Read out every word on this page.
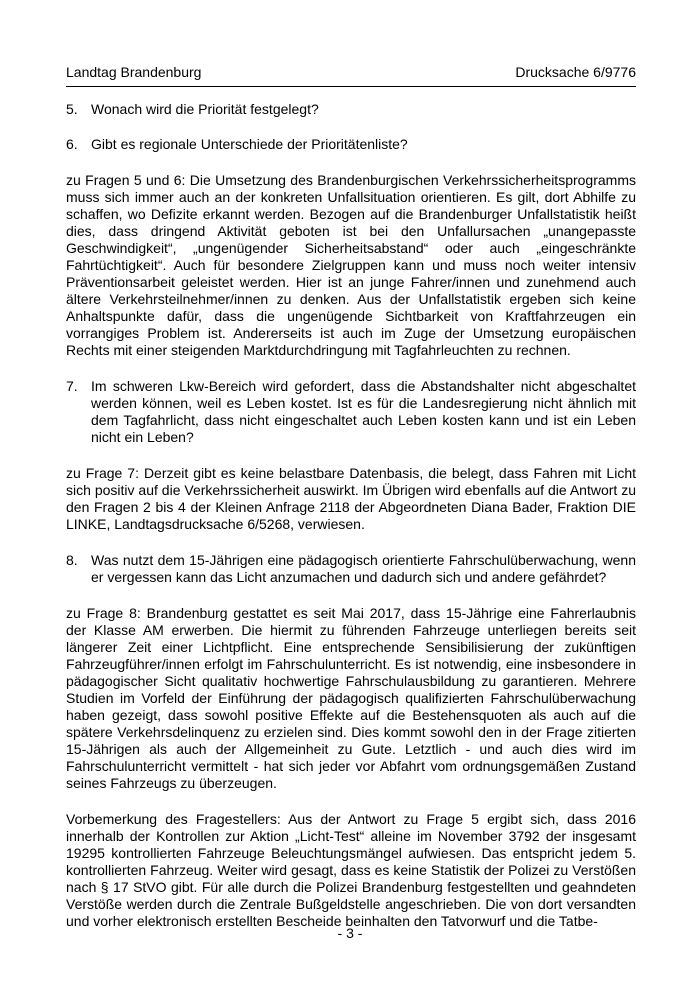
Landtag Brandenburg	Drucksache 6/9776

5. Wonach wird die Priorität festgelegt?

6. Gibt es regionale Unterschiede der Prioritätenliste?

zu Fragen 5 und 6: Die Umsetzung des Brandenburgischen Verkehrssicherheitsprogramms muss sich immer auch an der konkreten Unfallsituation orientieren. Es gilt, dort Abhilfe zu schaffen, wo Defizite erkannt werden. Bezogen auf die Brandenburger Unfallstatistik heißt dies, dass dringend Aktivität geboten ist bei den Unfallursachen „unangepasste Geschwindigkeit“, „ungenügender Sicherheitsabstand“ oder auch „eingeschränkte Fahrtüchtigkeit“. Auch für besondere Zielgruppen kann und muss noch weiter intensiv Präventionsarbeit geleistet werden. Hier ist an junge Fahrer/innen und zunehmend auch ältere Verkehrsteilnehmer/innen zu denken. Aus der Unfallstatistik ergeben sich keine Anhaltspunkte dafür, dass die ungenügende Sichtbarkeit von Kraftfahrzeugen ein vorrangiges Problem ist. Andererseits ist auch im Zuge der Umsetzung europäischen Rechts mit einer steigenden Marktdurchdringung mit Tagfahrleuchten zu rechnen.

7. Im schweren Lkw-Bereich wird gefordert, dass die Abstandshalter nicht abgeschaltet werden können, weil es Leben kostet. Ist es für die Landesregierung nicht ähnlich mit dem Tagfahrlicht, dass nicht eingeschaltet auch Leben kosten kann und ist ein Leben nicht ein Leben?

zu Frage 7: Derzeit gibt es keine belastbare Datenbasis, die belegt, dass Fahren mit Licht sich positiv auf die Verkehrssicherheit auswirkt. Im Übrigen wird ebenfalls auf die Antwort zu den Fragen 2 bis 4 der Kleinen Anfrage 2118 der Abgeordneten Diana Bader, Fraktion DIE LINKE, Landtagsdrucksache 6/5268, verwiesen.

8. Was nutzt dem 15-Jährigen eine pädagogisch orientierte Fahrschulüberwachung, wenn er vergessen kann das Licht anzumachen und dadurch sich und andere gefährdet?

zu Frage 8: Brandenburg gestattet es seit Mai 2017, dass 15-Jährige eine Fahrerlaubnis der Klasse AM erwerben. Die hiermit zu führenden Fahrzeuge unterliegen bereits seit längerer Zeit einer Lichtpflicht. Eine entsprechende Sensibilisierung der zukünftigen Fahrzeugführer/innen erfolgt im Fahrschulunterricht. Es ist notwendig, eine insbesondere in pädagogischer Sicht qualitativ hochwertige Fahrschulausbildung zu garantieren. Mehrere Studien im Vorfeld der Einführung der pädagogisch qualifizierten Fahrschulüberwachung haben gezeigt, dass sowohl positive Effekte auf die Bestehensquoten als auch auf die spätere Verkehrsdelinquenz zu erzielen sind. Dies kommt sowohl den in der Frage zitierten 15-Jährigen als auch der Allgemeinheit zu Gute. Letztlich - und auch dies wird im Fahrschulunterricht vermittelt - hat sich jeder vor Abfahrt vom ordnungsgemäßen Zustand seines Fahrzeugs zu überzeugen.

Vorbemerkung des Fragestellers: Aus der Antwort zu Frage 5 ergibt sich, dass 2016 innerhalb der Kontrollen zur Aktion „Licht-Test“ alleine im November 3792 der insgesamt 19295 kontrollierten Fahrzeuge Beleuchtungsmängel aufwiesen. Das entspricht jedem 5. kontrollierten Fahrzeug. Weiter wird gesagt, dass es keine Statistik der Polizei zu Verstößen nach § 17 StVO gibt. Für alle durch die Polizei Brandenburg festgestellten und geahndeten Verstöße werden durch die Zentrale Bußgeldstelle angeschrieben. Die von dort versandten und vorher elektronisch erstellten Bescheide beinhalten den Tatvorwurf und die Tatbe-

- 3 -
